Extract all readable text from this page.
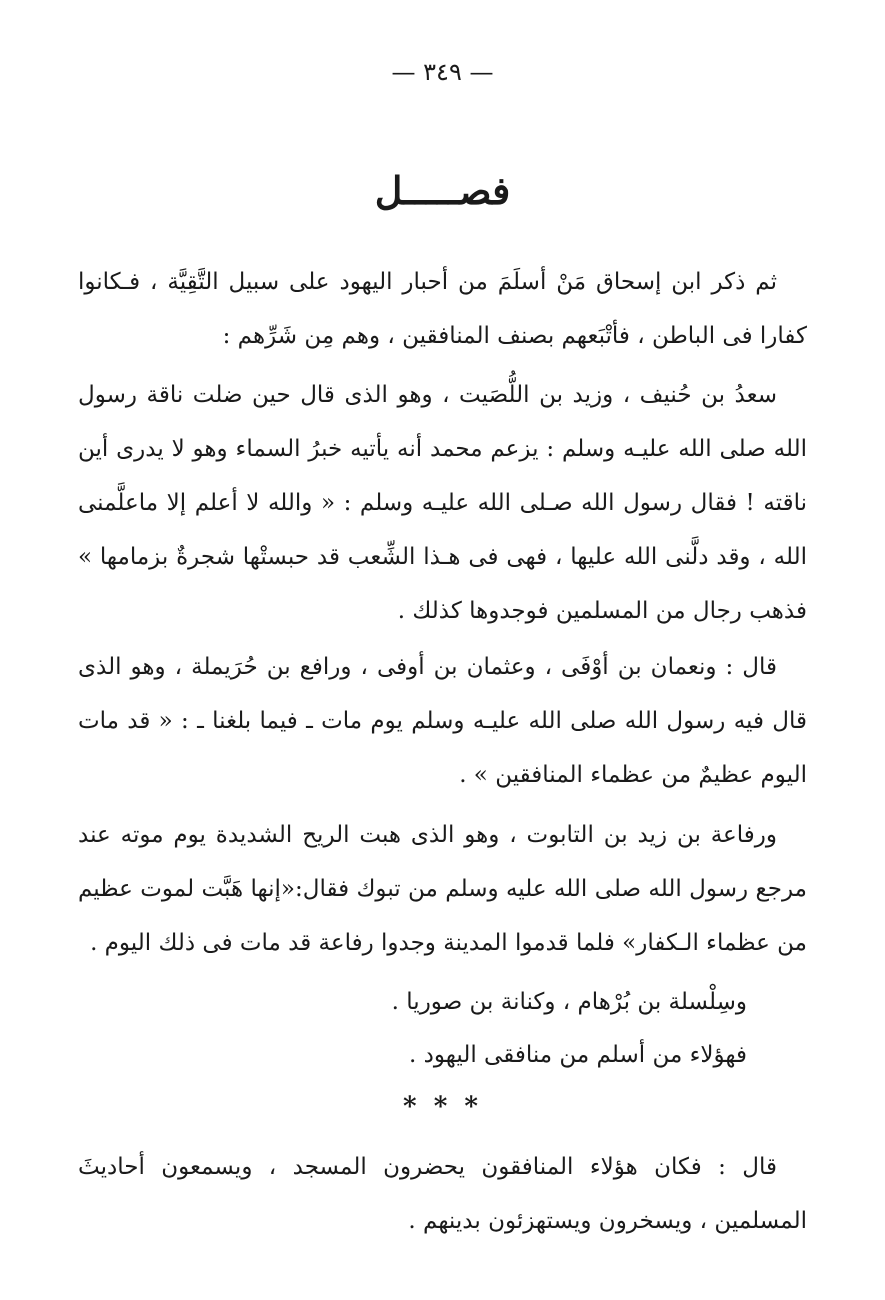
— ٣٤٩ —
فصـــــل

ثم ذكر ابن إسحاق مَنْ أسلَمَ من أحبار اليهود على سبيل التَّقِيَّة ، فـكانوا كفارا فى الباطن ، فأتْبَعهم بصنف المنافقين ، وهم مِن شَرِّهم :

سعدُ بن حُنيف ، وزيد بن اللُّصَيت ، وهو الذى قال حين ضلت ناقة رسول الله صلى الله عليـه وسلم : يزعم محمد أنه يأتيه خبرُ السماء وهو لا يدرى أين ناقته ! فقال رسول الله صـلى الله عليـه وسلم : « والله لا أعلم إلا ماعلَّمنى الله ، وقد دلَّنى الله عليها ، فهى فى هـذا الشِّعب قد حبستْها شجرةٌ بزمامها » فذهب رجال من المسلمين فوجدوها كذلك .

قال : ونعمان بن أوْفَى ، وعثمان بن أوفى ، ورافع بن حُرَيملة ، وهو الذى قال فيه رسول الله صلى الله عليـه وسلم يوم مات ـ فيما بلغنا ـ : « قد مات اليوم عظيمٌ من عظماء المنافقين » .

ورفاعة بن زيد بن التابوت ، وهو الذى هبت الريح الشديدة يوم موته عند مرجع رسول الله صلى الله عليه وسلم من تبوك فقال:«إنها هَبَّت لموت عظيم من عظماء الـكفار» فلما قدموا المدينة وجدوا رفاعة قد مات فى ذلك اليوم .

وسِلْسلة بن بُرْهام ، وكنانة بن صوريا .

فهؤلاء من أسلم من منافقى اليهود .

* * *

قال : فكان هؤلاء المنافقون يحضرون المسجد ، ويسمعون أحاديثَ المسلمين ، ويسخرون ويستهزئون بدينهم .
